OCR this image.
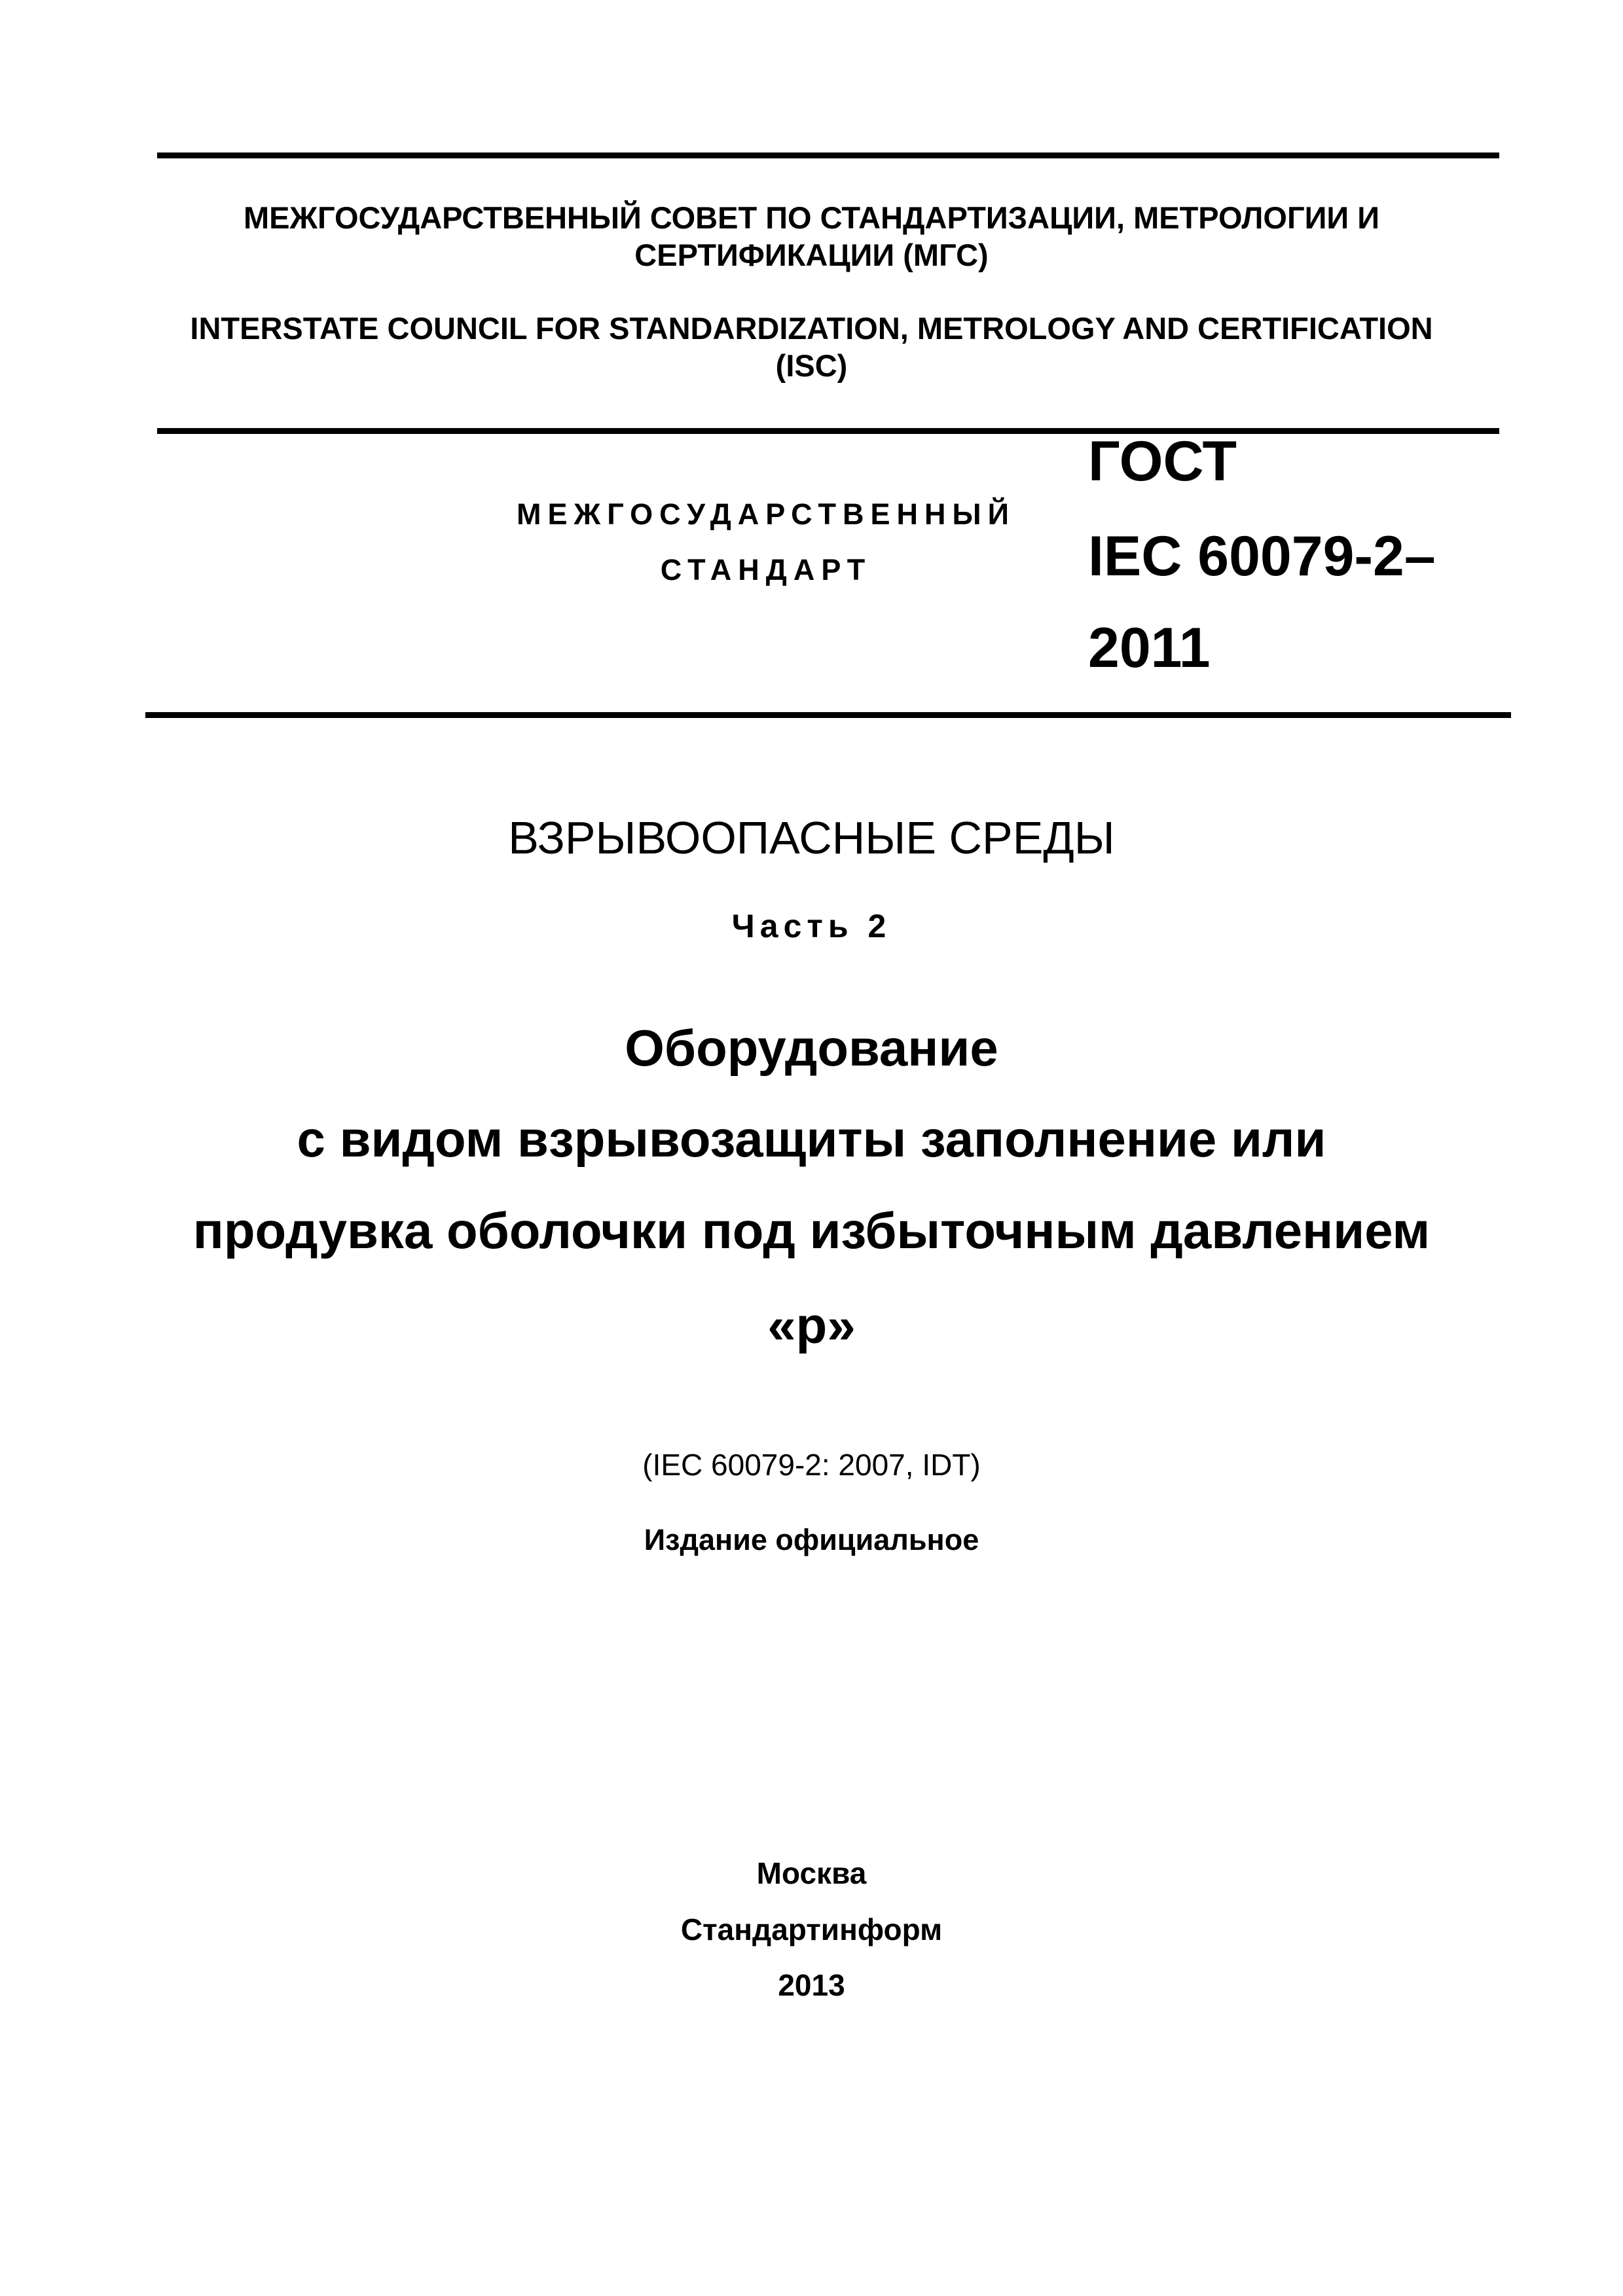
МЕЖГОСУДАРСТВЕННЫЙ СОВЕТ ПО СТАНДАРТИЗАЦИИ, МЕТРОЛОГИИ И
СЕРТИФИКАЦИИ (МГС)
INTERSTATE COUNCIL FOR STANDARDIZATION, METROLOGY AND CERTIFICATION
(ISC)
МЕЖГОСУДАРСТВЕННЫЙ
СТАНДАРТ
ГОСТ
IEC 60079-2–
2011
ВЗРЫВООПАСНЫЕ СРЕДЫ
Часть 2
Оборудование
с видом взрывозащиты заполнение или
продувка оболочки под избыточным давлением
«р»
(IEC 60079-2: 2007, IDT)
Издание официальное
Москва
Стандартинформ
2013
